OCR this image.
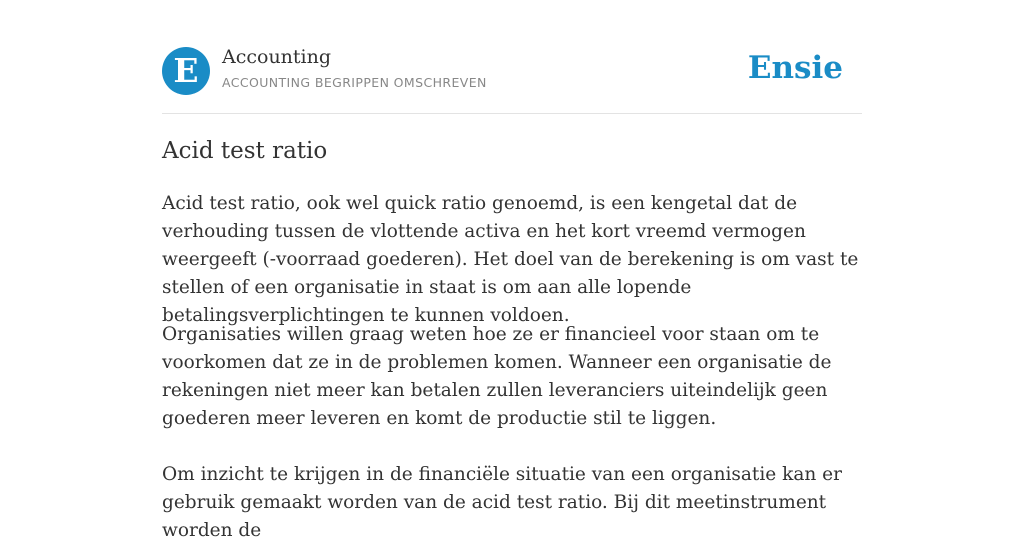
E	Accounting
ACCOUNTING BEGRIPPEN OMSCHREVEN	Ensie
Acid test ratio

Acid test ratio, ook wel quick ratio genoemd, is een kengetal dat de verhouding tussen de vlottende activa en het kort vreemd vermogen weergeeft (-voorraad goederen). Het doel van de berekening is om vast te stellen of een organisatie in staat is om aan alle lopende betalingsverplichtingen te kunnen voldoen.

Organisaties willen graag weten hoe ze er financieel voor staan om te voorkomen dat ze in de problemen komen. Wanneer een organisatie de rekeningen niet meer kan betalen zullen leveranciers uiteindelijk geen goederen meer leveren en komt de productie stil te liggen.

Om inzicht te krijgen in de financiële situatie van een organisatie kan er gebruik gemaakt worden van de acid test ratio. Bij dit meetinstrument worden de
